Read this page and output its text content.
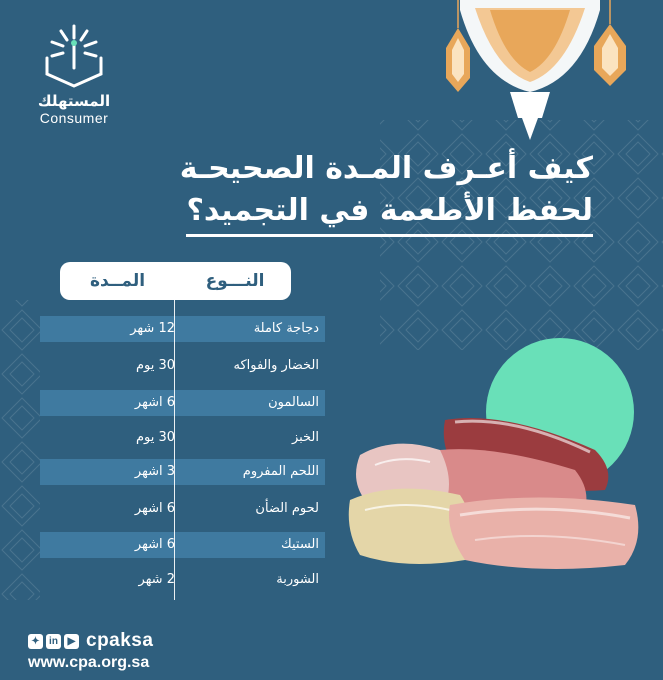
المستهلك
Consumer
كيف أعـرف المـدة الصحيحـة
لحفظ الأطعمة في التجميد؟
النـــوع
المــدة
دجاجة كاملة
12 شهر
الخضار والفواكه
30 يوم
السالمون
6 اشهر
الخبز
30 يوم
اللحم المفروم
3 اشهر
لحوم الضأن
6 اشهر
الستيك
6 اشهر
الشوربة
2 شهر
✦ in ▶ cpaksa
www.cpa.org.sa
